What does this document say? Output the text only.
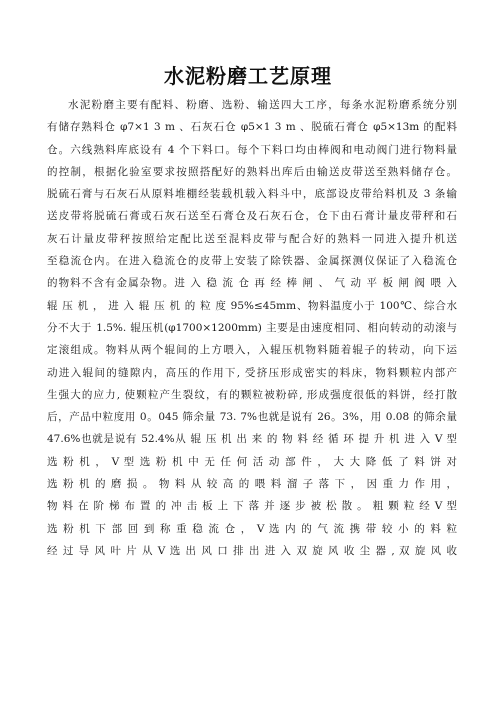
水泥粉磨工艺原理
水泥粉磨主要有配料、粉磨、选粉、输送四大工序，每条水泥粉磨系统分别
有储存熟料仓 φ7×1 3 m 、石灰石仓 φ5×1 3 m 、脱硫石膏仓 φ5×13m 的配料
仓。六线熟料库底设有 4 个下料口。每个下料口均由棒阀和电动阀门进行物料量
的控制，根据化验室要求按照搭配好的熟料出库后由输送皮带送至熟料储存仓。
脱硫石膏与石灰石从原料堆棚经装载机载入料斗中，底部设皮带给料机及 3 条输
送皮带将脱硫石膏或石灰石送至石膏仓及石灰石仓，仓下由石膏计量皮带秤和石
灰石计量皮带秤按照给定配比送至混料皮带与配合好的熟料一同进入提升机送
至稳流仓内。在进入稳流仓的皮带上安装了除铁器、金属探测仪保证了入稳流仓
的物料不含有金属杂物。进 入 稳 流 仓 再 经 棒 闸 、 气 动 平 板 闸 阀 喂 入
辊 压 机 ， 进 入 辊 压 机 的 粒 度 95%≤45mm、物料温度小于 100℃、综合水
分不大于 1.5%. 辊压机(φ1700×1200mm) 主要是由速度相同、相向转动的动滚与
定滚组成。物料从两个辊间的上方喂入，入辊压机物料随着辊子的转动，向下运
动进入辊间的缝隙内，高压的作用下, 受挤压形成密实的料床，物料颗粒内部产
生强大的应力, 使颗粒产生裂纹，有的颗粒被粉碎, 形成强度很低的料饼，经打散
后，产品中粒度用 0。045 筛余量 73. 7%也就是说有 26。3%，用 0.08 的筛余量
47.6%也就是说有 52.4%从 辊 压 机 出 来 的 物 料 经 循 环 提 升 机 进 入 V 型
选 粉 机 ， V 型 选 粉 机 中 无 任 何 活 动 部 件 ， 大 大 降 低 了 料 饼 对
选 粉 机 的 磨 损 。 物 料 从 较 高 的 喂 料 溜 子 落 下 ， 因 重 力 作 用 ，
物 料 在 阶 梯 布 置 的 冲 击 板 上 下 落 并 逐 步 被 松 散 。 粗 颗 粒 经 V 型
选 粉 机 下 部 回 到 称 重 稳 流 仓 ， V 选 内 的 气 流 携 带 较 小 的 料 粒
经 过 导 风 叶 片 从 V 选 出 风 口 排 出 进 入 双 旋 风 收 尘 器 , 双 旋 风 收
